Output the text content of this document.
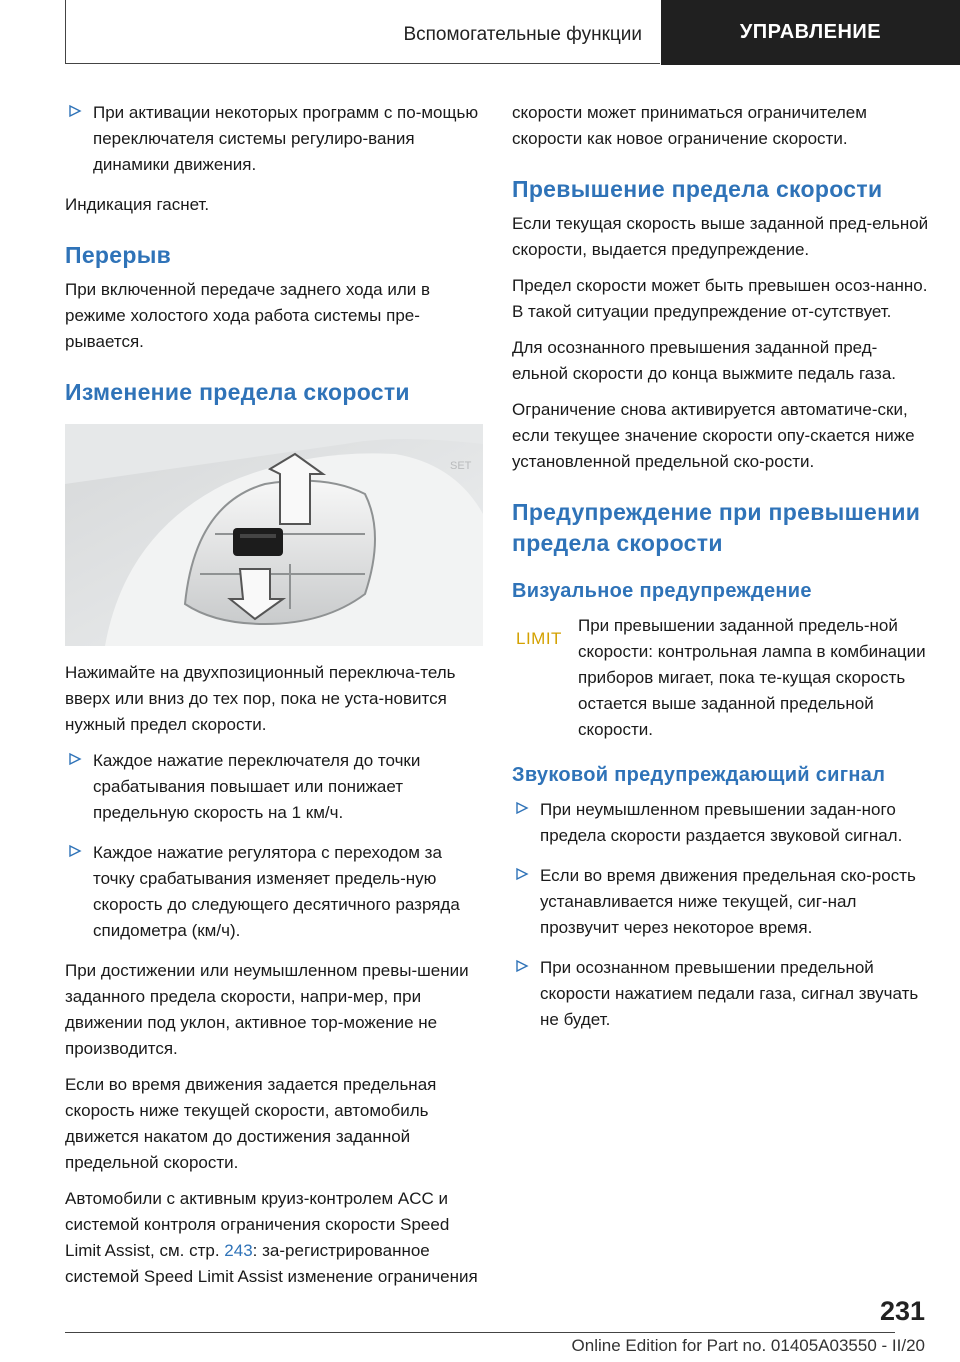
Вспомогательные функции	УПРАВЛЕНИЕ
При активации некоторых программ с по-мощью переключателя системы регулиро-вания динамики движения.

Индикация гаснет.

Перерыв

При включенной передаче заднего хода или в режиме холостого хода работа системы пре-рывается.

Изменение предела скорости
SET

Нажимайте на двухпозиционный переключа-тель вверх или вниз до тех пор, пока не уста-новится нужный предел скорости.

Каждое нажатие переключателя до точки срабатывания повышает или понижает предельную скорость на 1 км/ч.
Каждое нажатие регулятора с переходом за точку срабатывания изменяет предель-ную скорость до следующего десятичного разряда спидометра (км/ч).

При достижении или неумышленном превы-шении заданного предела скорости, напри-мер, при движении под уклон, активное тор-можение не производится.

Если во время движения задается предельная скорость ниже текущей скорости, автомобиль движется накатом до достижения заданной предельной скорости.

Автомобили с активным круиз-контролем ACC и системой контроля ограничения скорости Speed Limit Assist, см. стр. 243: за-регистрированное системой Speed Limit Assist изменение ограничения

скорости может приниматься ограничителем скорости как новое ограничение скорости.

Превышение предела скорости

Если текущая скорость выше заданной пред-ельной скорости, выдается предупреждение.

Предел скорости может быть превышен осоз-нанно. В такой ситуации предупреждение от-сутствует.

Для осознанного превышения заданной пред-ельной скорости до конца выжмите педаль газа.

Ограничение снова активируется автоматиче-ски, если текущее значение скорости опу-скается ниже установленной предельной ско-рости.

Предупреждение при превышении предела скорости
Визуальное предупреждение
LIMIT

При превышении заданной предель-ной скорости: контрольная лампа в комбинации приборов мигает, пока те-кущая скорость остается выше заданной предельной скорости.

Звуковой предупреждающий сигнал
При неумышленном превышении задан-ного предела скорости раздается звуковой сигнал.
Если во время движения предельная ско-рость устанавливается ниже текущей, сиг-нал прозвучит через некоторое время.
При осознанном превышении предельной скорости нажатием педали газа, сигнал звучать не будет.
231
Online Edition for Part no. 01405A03550 - II/20
